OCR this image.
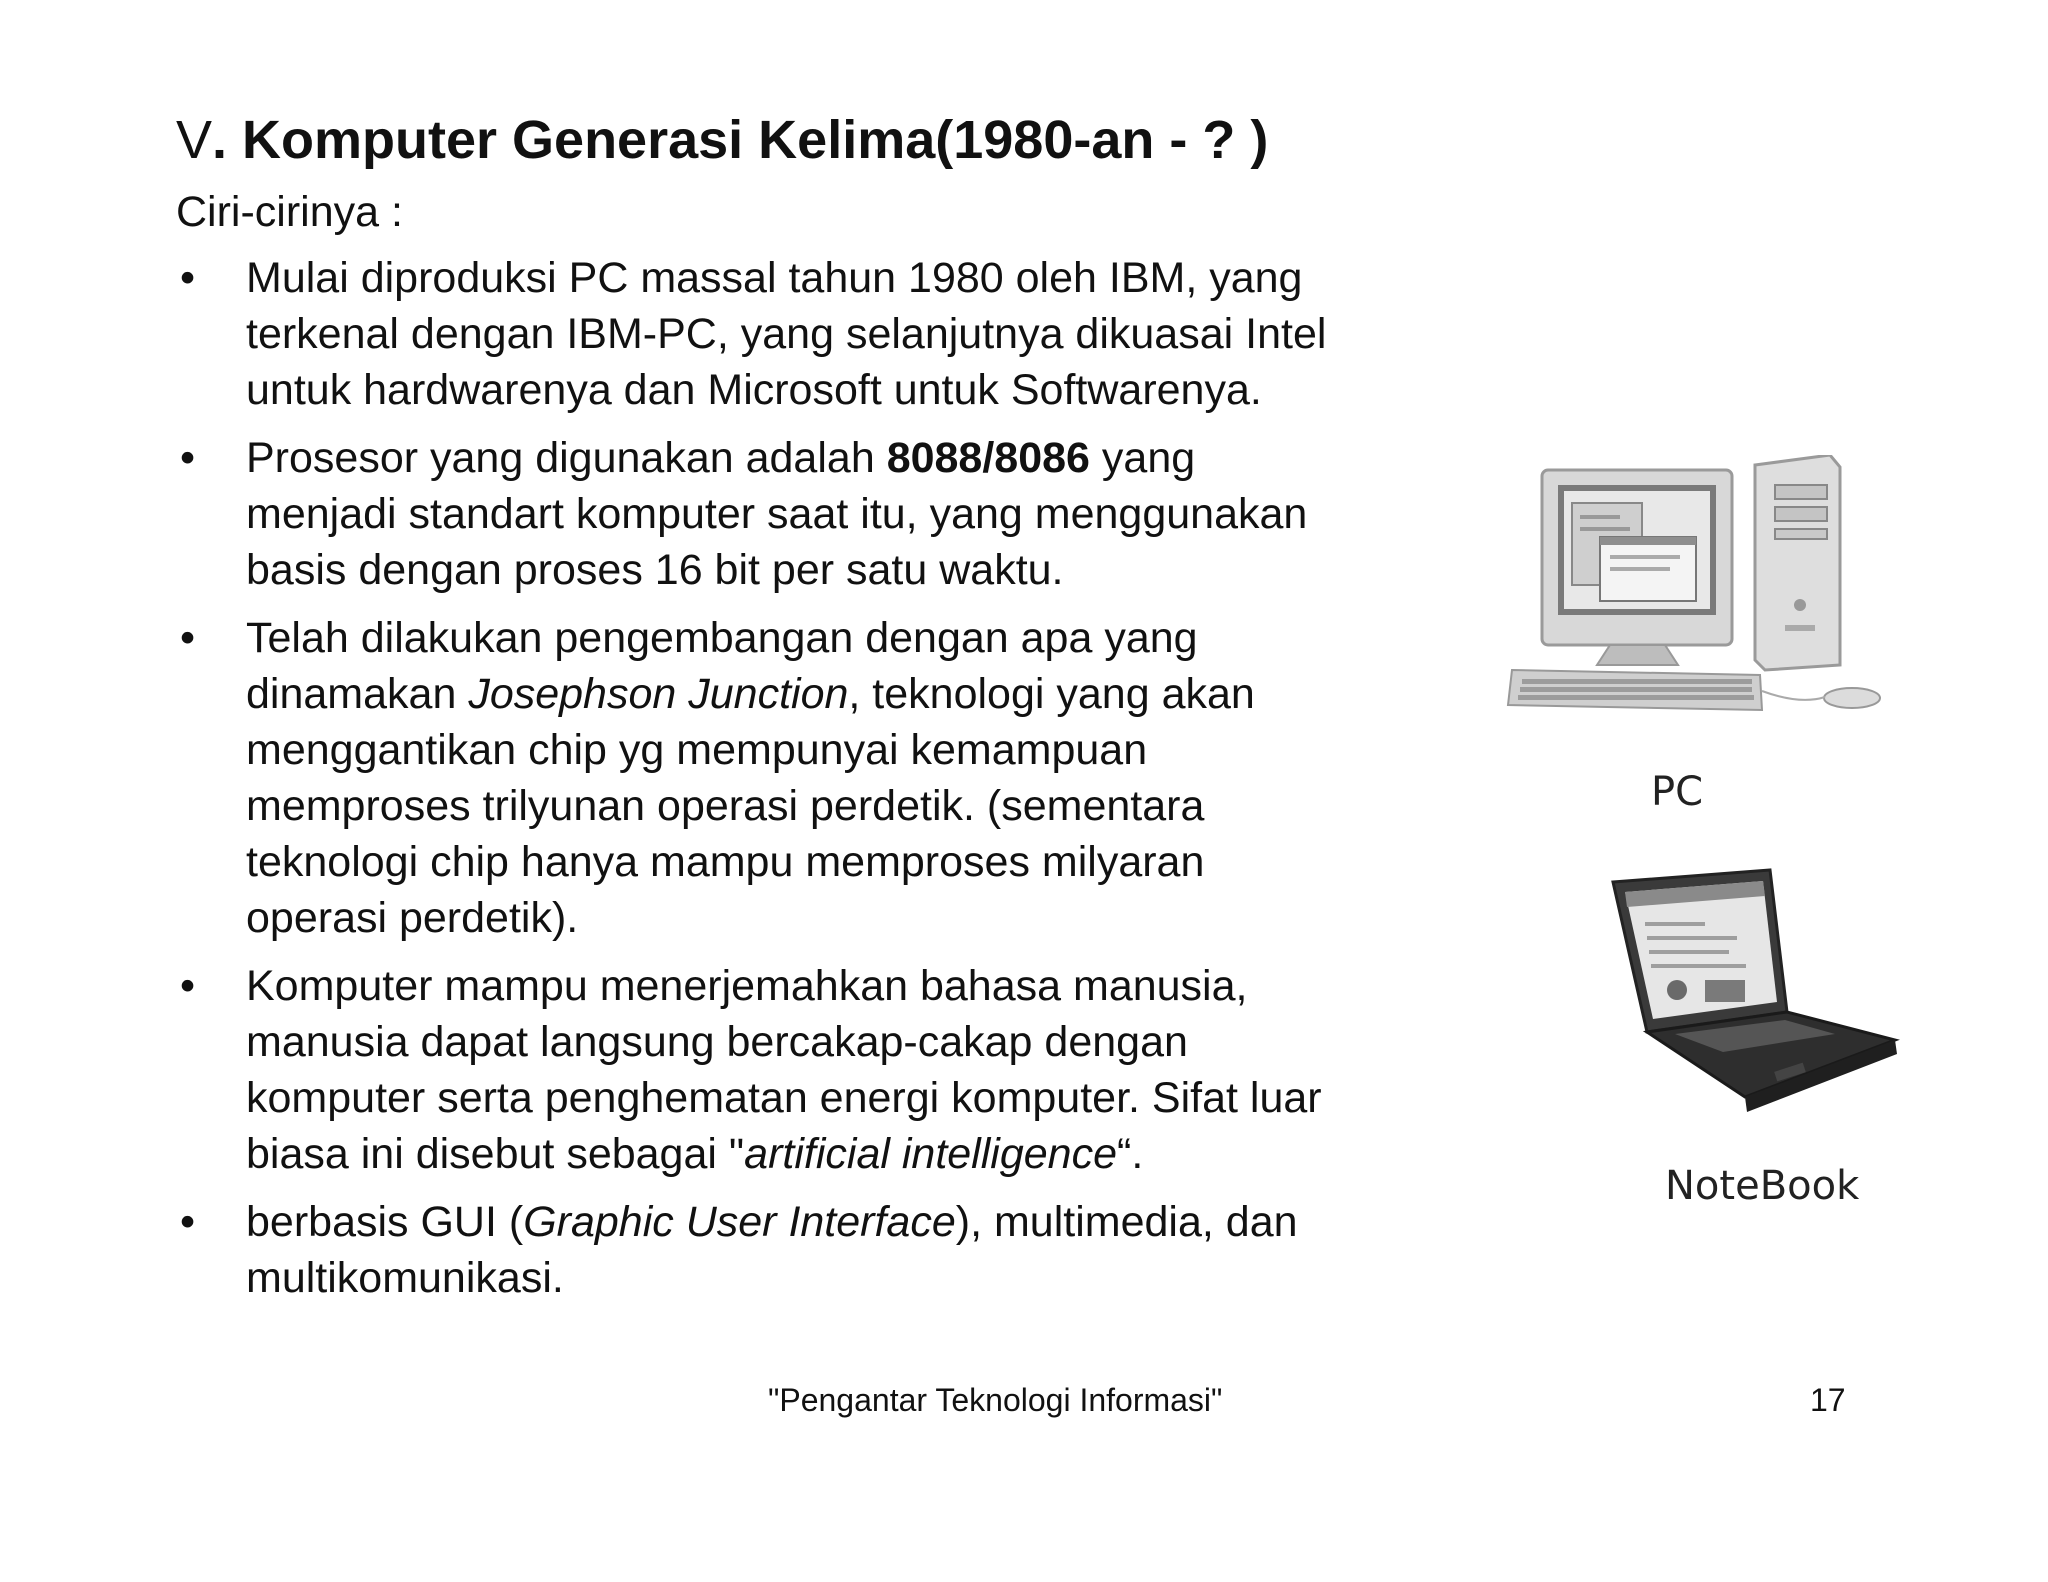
V. Komputer Generasi Kelima(1980-an - ? )
Ciri-cirinya :
•	Mulai diproduksi PC massal tahun 1980 oleh IBM, yang
terkenal dengan IBM-PC, yang selanjutnya dikuasai Intel
untuk hardwarenya dan Microsoft untuk Softwarenya.
•	Prosesor yang digunakan adalah 8088/8086 yang
menjadi standart komputer saat itu, yang menggunakan
basis dengan proses 16 bit per satu waktu.
•	Telah dilakukan pengembangan dengan apa yang
dinamakan Josephson Junction, teknologi yang akan
menggantikan chip yg mempunyai kemampuan
memproses trilyunan operasi perdetik. (sementara
teknologi chip hanya mampu memproses milyaran
operasi perdetik).
•	Komputer mampu menerjemahkan bahasa manusia,
manusia dapat langsung bercakap-cakap dengan
komputer serta penghematan energi komputer. Sifat luar
biasa ini disebut sebagai "artificial intelligence“.
•	berbasis GUI (Graphic User Interface), multimedia, dan
multikomunikasi.
PC
NoteBook
"Pengantar Teknologi Informasi"	17
